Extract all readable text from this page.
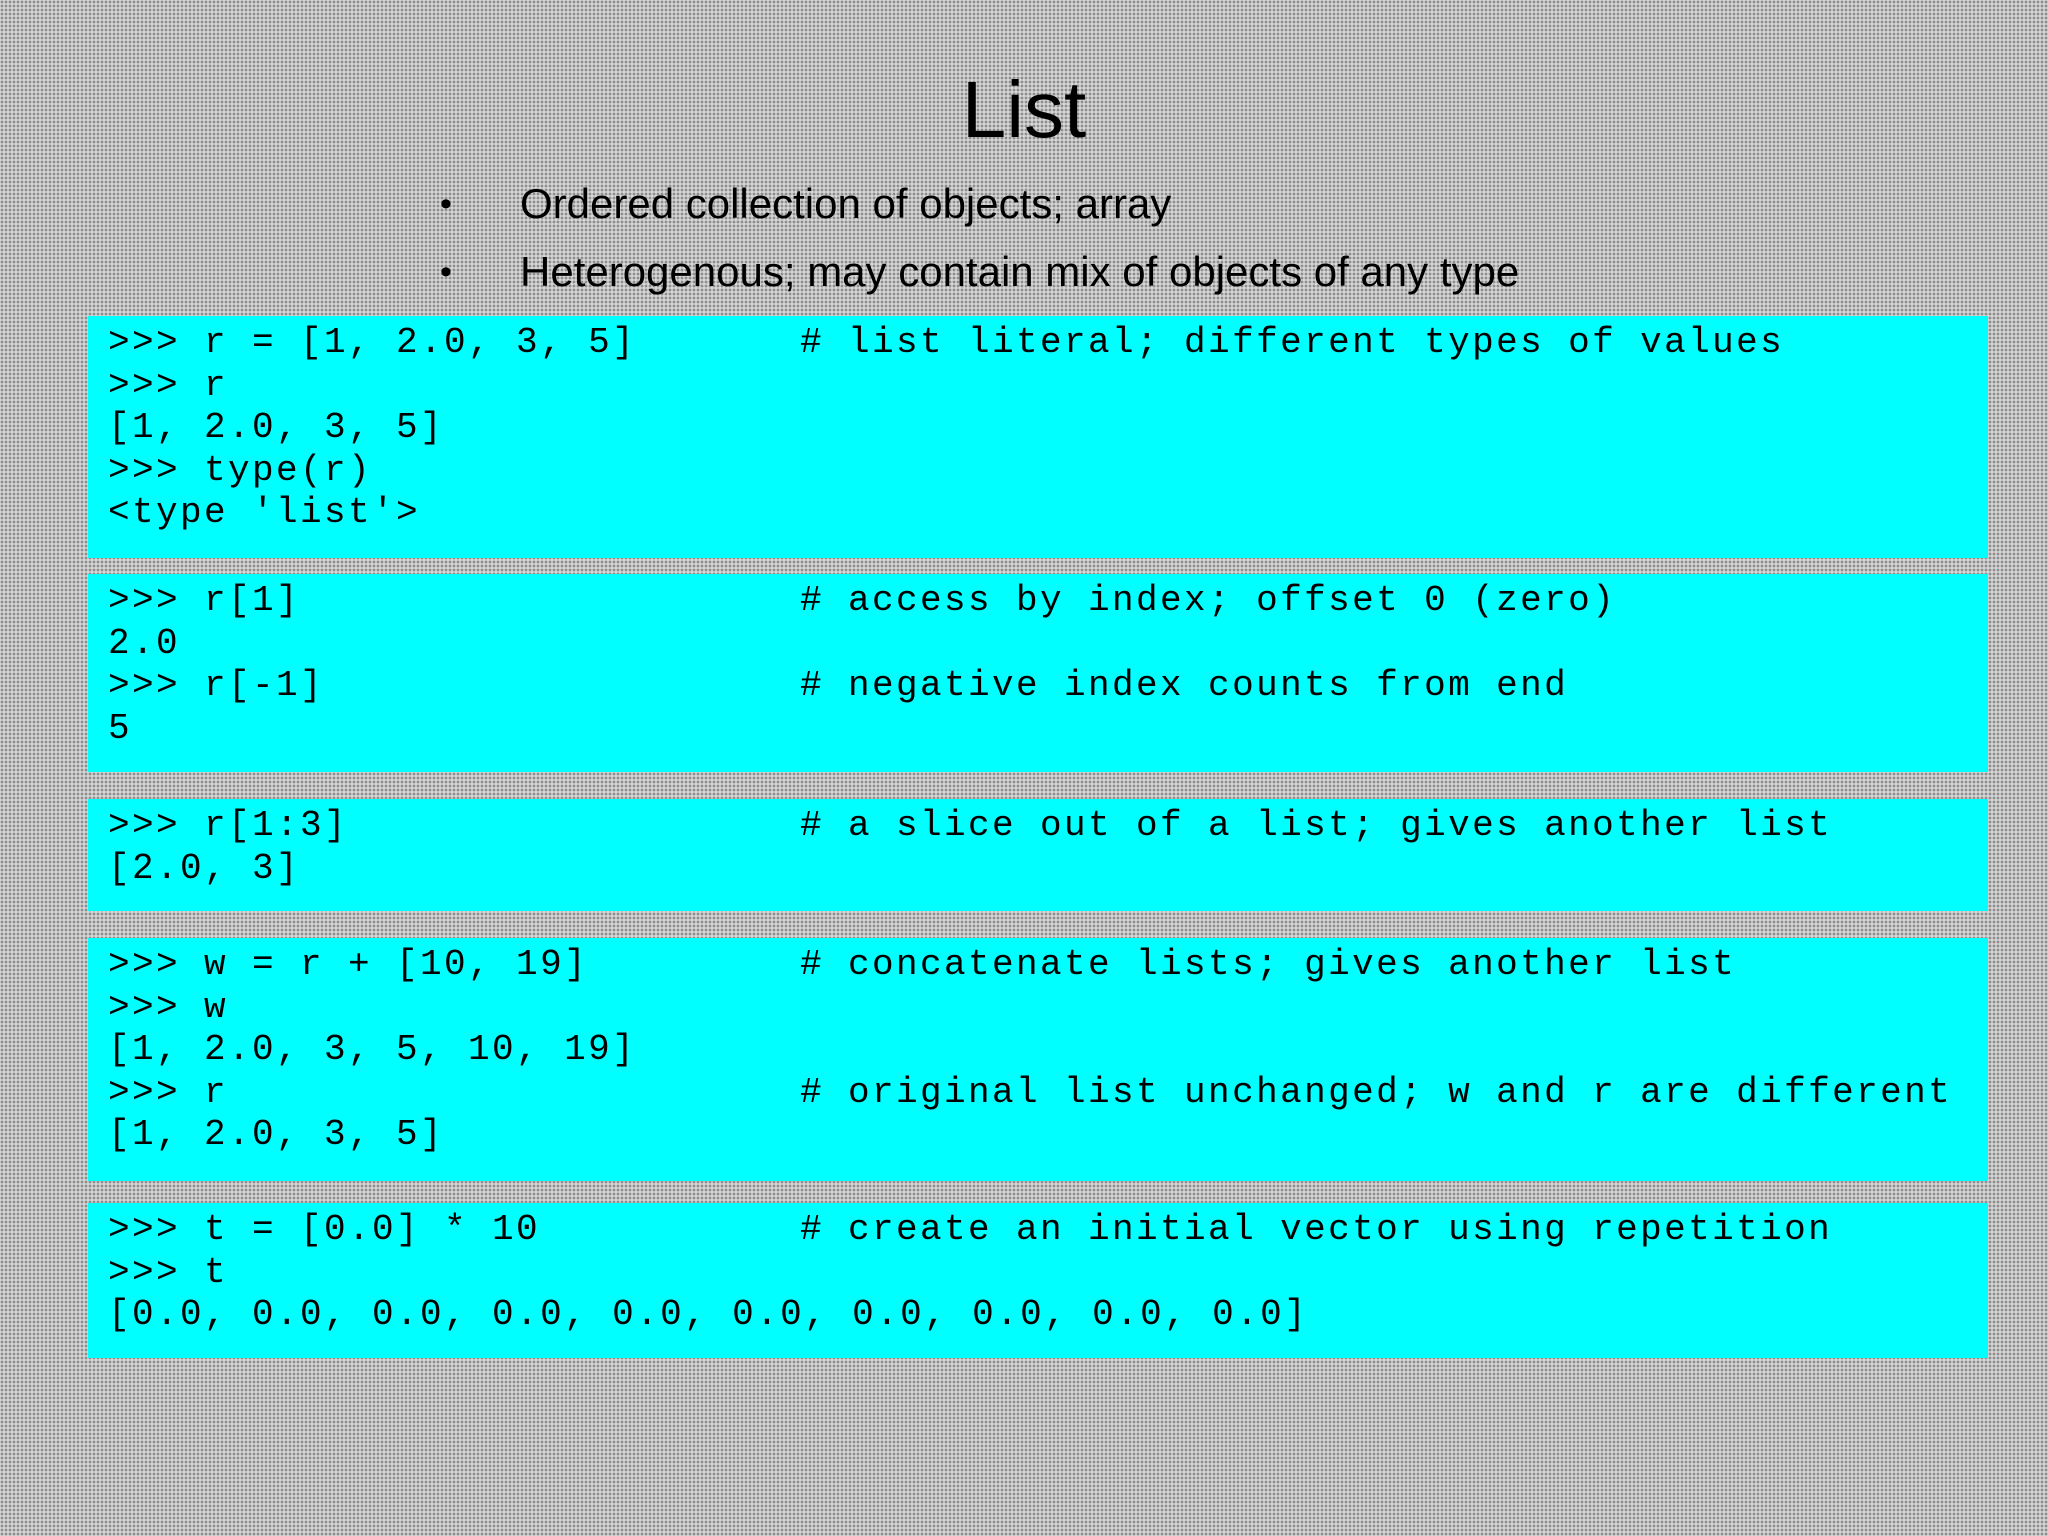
List
• Ordered collection of objects; array
• Heterogenous; may contain mix of objects of any type

>>> r = [1, 2.0, 3, 5]

	# list literal; different types of values

>>> r

[1, 2.0, 3, 5]

>>> type(r)

<type 'list'>

>>> r[1]

	# access by index; offset 0 (zero)

2.0

>>> r[-1]

	# negative index counts from end

5

>>> r[1:3]

	# a slice out of a list; gives another list

[2.0, 3]

>>> w = r + [10, 19]

	# concatenate lists; gives another list

>>> w

[1, 2.0, 3, 5, 10, 19]

>>> r

	# original list unchanged; w and r are different

[1, 2.0, 3, 5]

>>> t = [0.0] * 10

	# create an initial vector using repetition

>>> t

[0.0, 0.0, 0.0, 0.0, 0.0, 0.0, 0.0, 0.0, 0.0, 0.0]
